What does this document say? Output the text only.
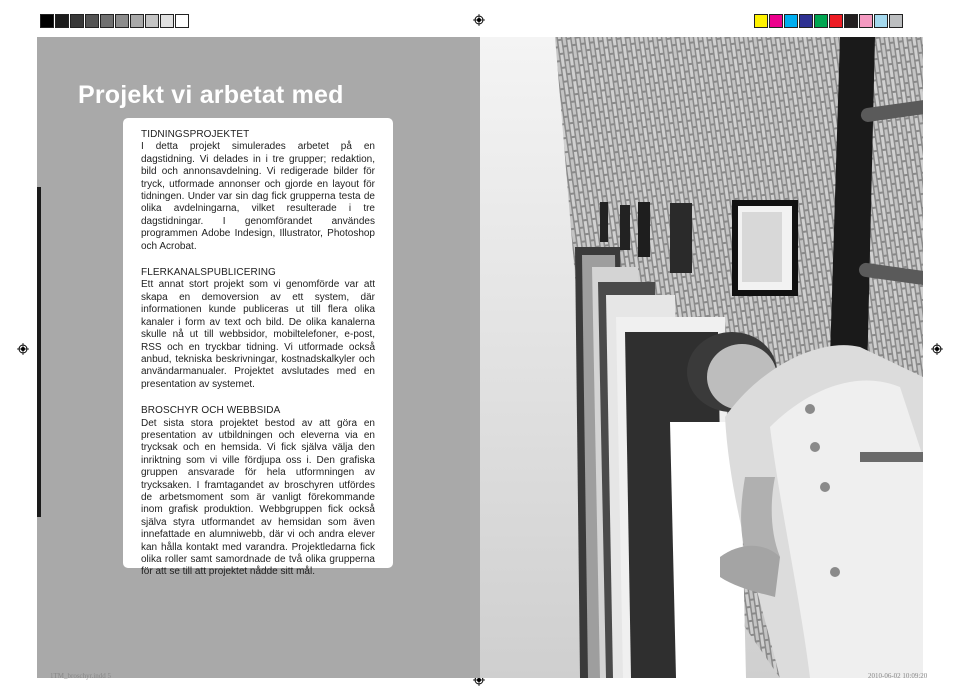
Projekt vi arbetat med
TIDNINGSPROJEKTET

I detta projekt simulerades arbetet på en dagstidning. Vi delades in i tre grupper; redaktion, bild och annonsavdelning. Vi redigerade bilder för tryck, utformade annonser och gjorde en layout för tidningen. Under var sin dag fick grupperna testa de olika avdelningarna, vilket resulterade i tre dagstidningar. I genomförandet användes programmen Adobe Indesign, Illustrator, Photoshop och Acrobat.

FLERKANALSPUBLICERING

Ett annat stort projekt som vi genomförde var att skapa en demoversion av ett system, där informationen kunde publiceras ut till flera olika kanaler i form av text och bild. De olika kanalerna skulle nå ut till webbsidor, mobiltelefoner, e-post, RSS och en tryckbar tidning. Vi utformade också anbud, tekniska beskrivningar, kostnadskalkyler och användarmanualer. Projektet avslutades med en presentation av systemet.

BROSCHYR OCH WEBBSIDA

Det sista stora projektet bestod av att göra en presentation av utbildningen och eleverna via en trycksak och en hemsida. Vi fick själva välja den inriktning som vi ville fördjupa oss i. Den grafiska gruppen ansvarade för hela utformningen av trycksaken. I framtagandet av broschyren utfördes de arbetsmoment som är vanligt förekommande inom grafisk produktion. Webbgruppen fick också själva styra utformandet av hemsidan som även innefattade en alumniwebb, där vi och andra elever kan hålla kontakt med varandra. Projektledarna fick olika roller samt samordnade de två olika grupperna för att se till att projektet nådde sitt mål.

1TM_broschyr.indd 5	2010-06-02 10:09:20
